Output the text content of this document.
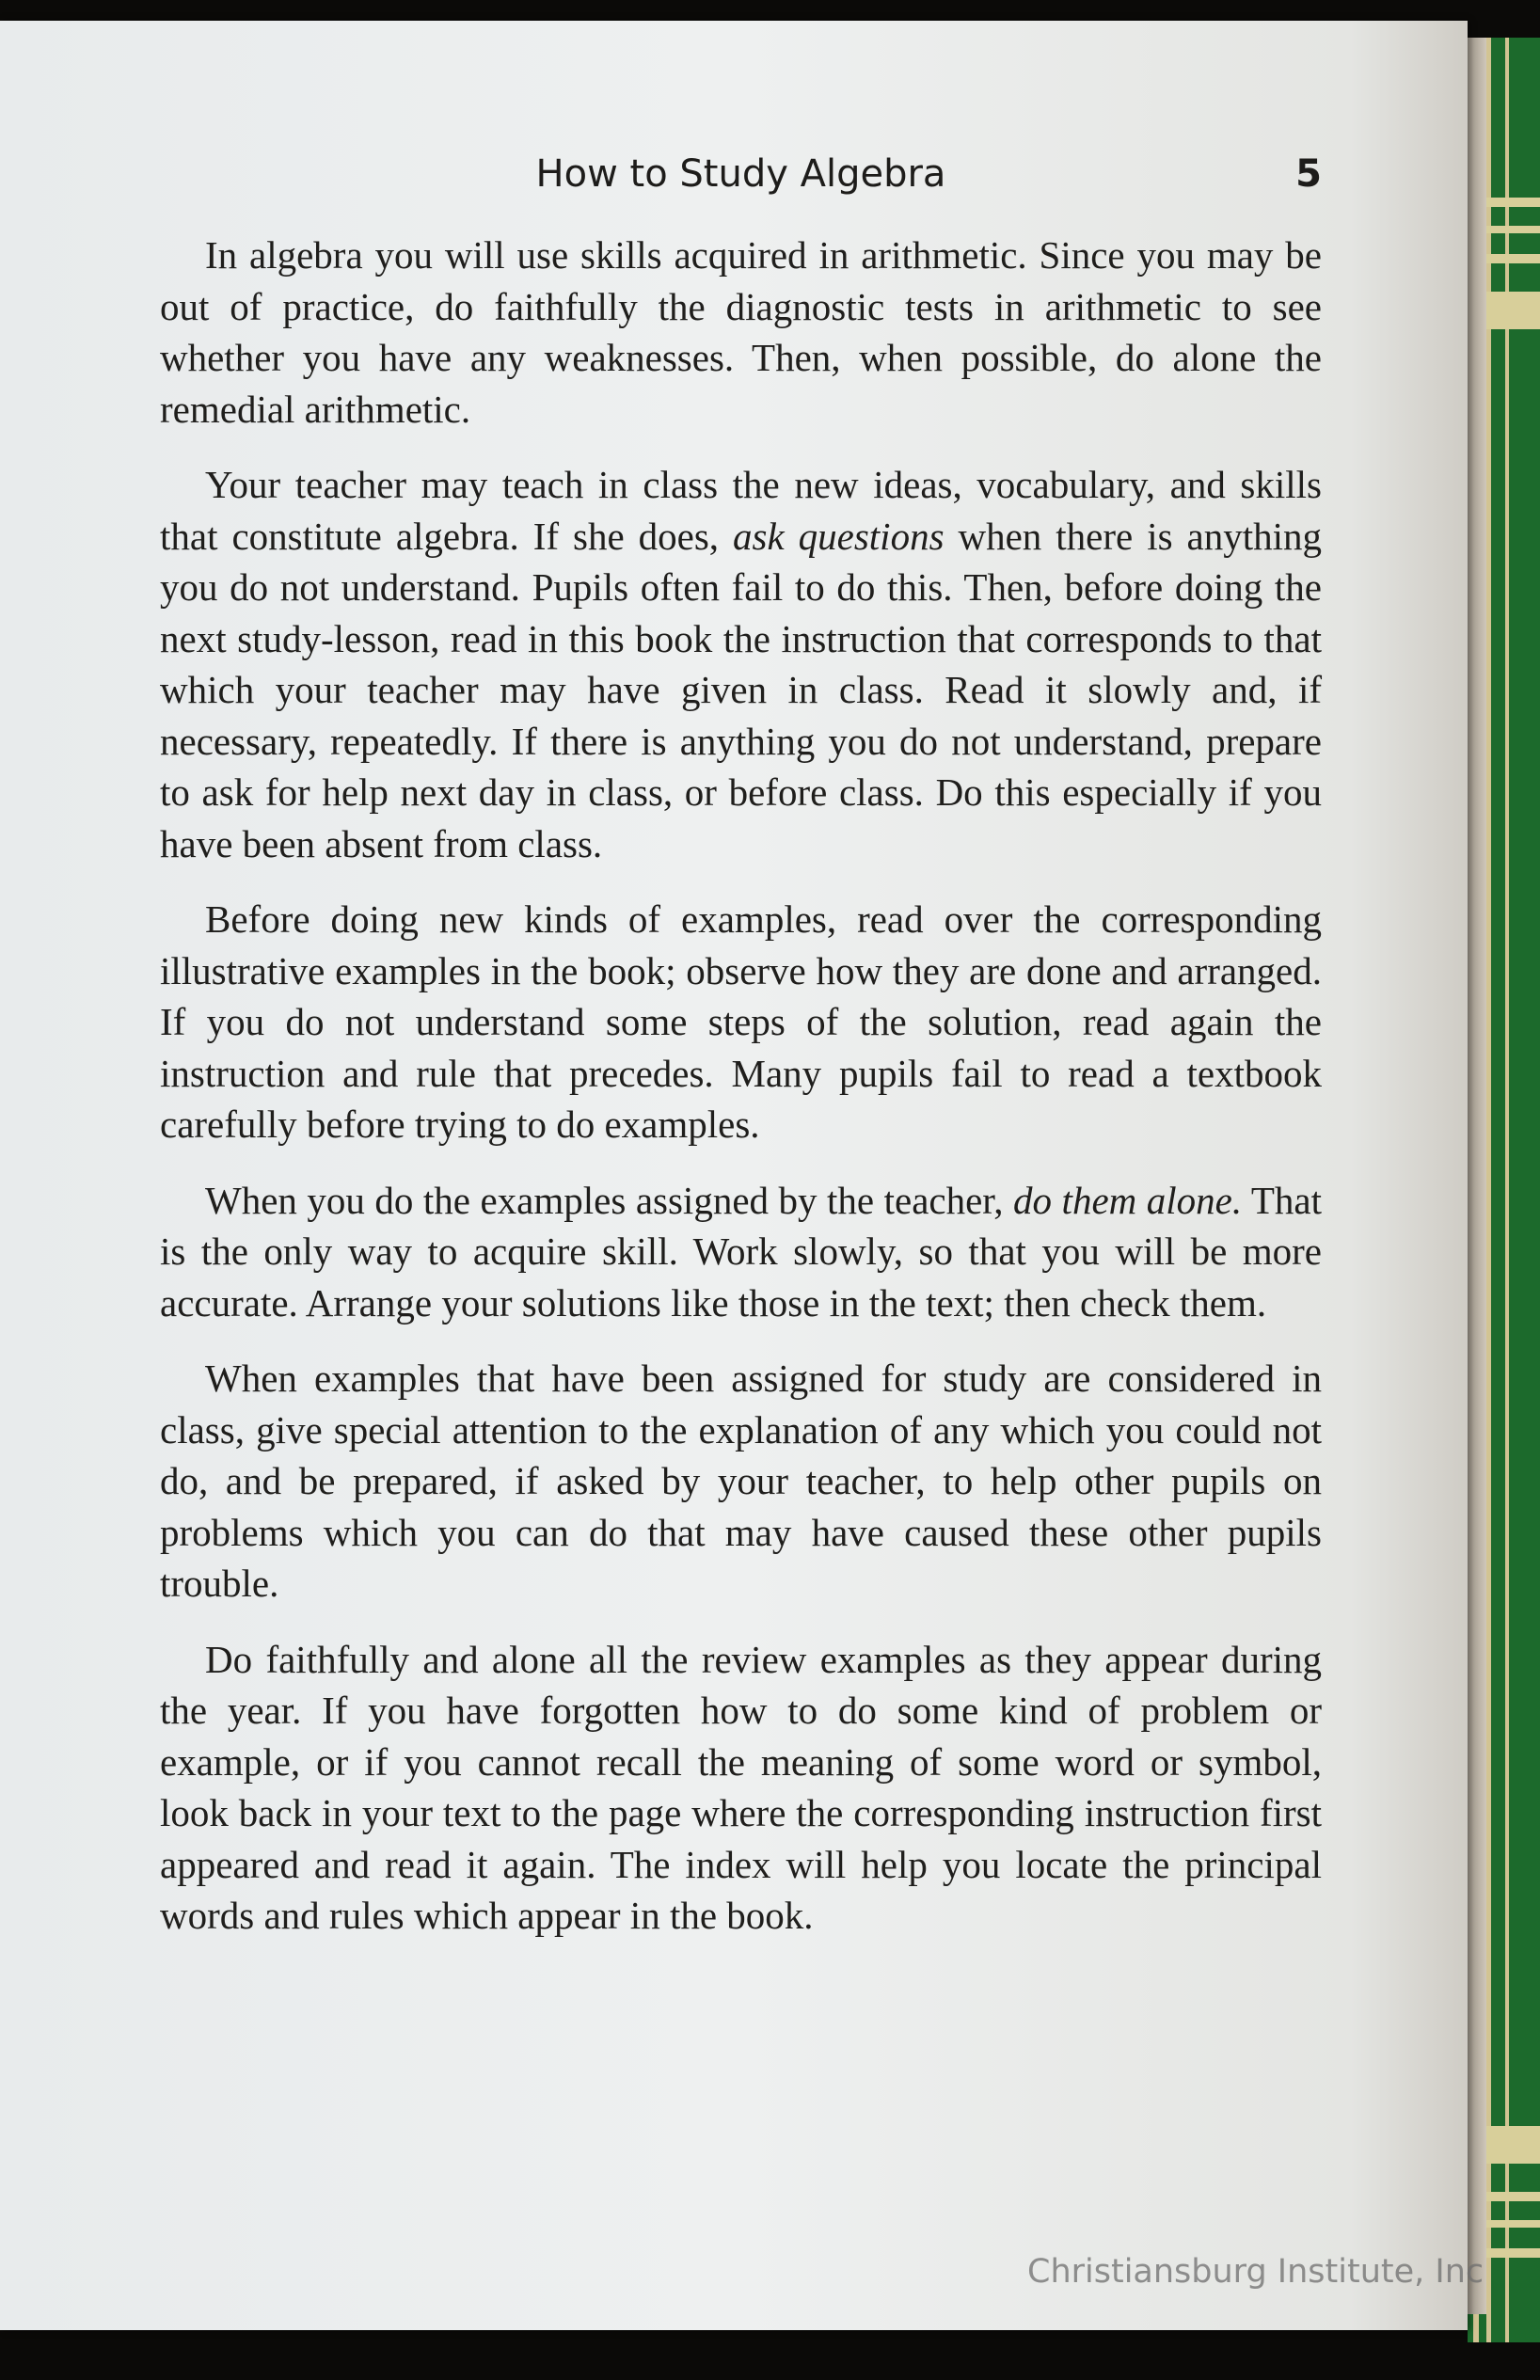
How to Study Algebra	5

In algebra you will use skills acquired in arithmetic. Since you may be out of practice, do faithfully the diagnostic tests in arithmetic to see whether you have any weaknesses. Then, when possible, do alone the remedial arithmetic.

Your teacher may teach in class the new ideas, vocabulary, and skills that constitute algebra. If she does, ask questions when there is anything you do not understand. Pupils often fail to do this. Then, before doing the next study-lesson, read in this book the instruction that corresponds to that which your teacher may have given in class. Read it slowly and, if necessary, repeatedly. If there is anything you do not understand, prepare to ask for help next day in class, or before class. Do this especially if you have been absent from class.

Before doing new kinds of examples, read over the corresponding illustrative examples in the book; observe how they are done and arranged. If you do not understand some steps of the solution, read again the instruction and rule that precedes. Many pupils fail to read a textbook carefully before trying to do examples.

When you do the examples assigned by the teacher, do them alone. That is the only way to acquire skill. Work slowly, so that you will be more accurate. Arrange your solutions like those in the text; then check them.

When examples that have been assigned for study are considered in class, give special attention to the explanation of any which you could not do, and be prepared, if asked by your teacher, to help other pupils on problems which you can do that may have caused these other pupils trouble.

Do faithfully and alone all the review examples as they appear during the year. If you have forgotten how to do some kind of problem or example, or if you cannot recall the meaning of some word or symbol, look back in your text to the page where the corresponding instruction first appeared and read it again. The index will help you locate the principal words and rules which appear in the book.

Christiansburg Institute, Inc
